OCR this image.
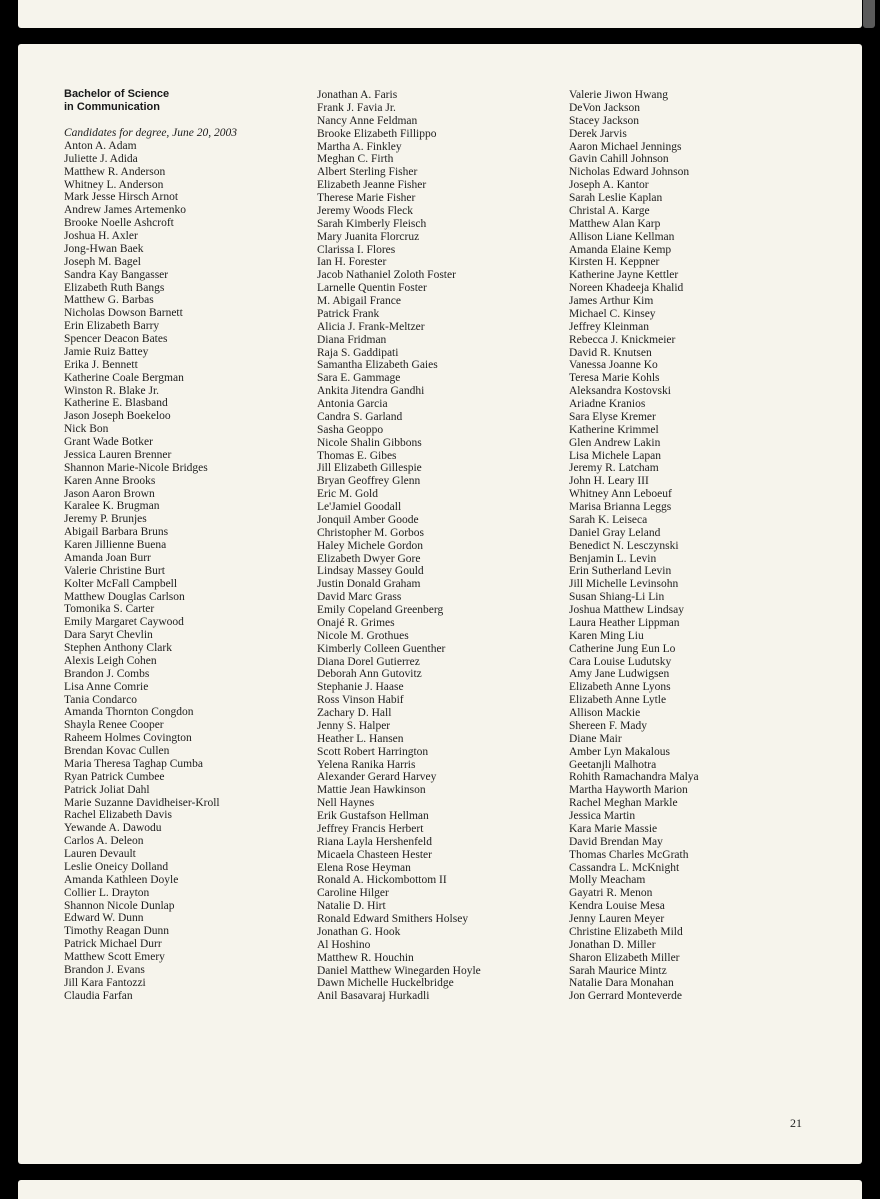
Bachelor of Science
in Communication
Candidates for degree, June 20, 2003
Anton A. Adam
Juliette J. Adida
Matthew R. Anderson
Whitney L. Anderson
Mark Jesse Hirsch Arnot
Andrew James Artemenko
Brooke Noelle Ashcroft
Joshua H. Axler
Jong-Hwan Baek
Joseph M. Bagel
Sandra Kay Bangasser
Elizabeth Ruth Bangs
Matthew G. Barbas
Nicholas Dowson Barnett
Erin Elizabeth Barry
Spencer Deacon Bates
Jamie Ruiz Battey
Erika J. Bennett
Katherine Coale Bergman
Winston R. Blake Jr.
Katherine E. Blasband
Jason Joseph Boekeloo
Nick Bon
Grant Wade Botker
Jessica Lauren Brenner
Shannon Marie-Nicole Bridges
Karen Anne Brooks
Jason Aaron Brown
Karalee K. Brugman
Jeremy P. Brunjes
Abigail Barbara Bruns
Karen Jillienne Buena
Amanda Joan Burr
Valerie Christine Burt
Kolter McFall Campbell
Matthew Douglas Carlson
Tomonika S. Carter
Emily Margaret Caywood
Dara Saryt Chevlin
Stephen Anthony Clark
Alexis Leigh Cohen
Brandon J. Combs
Lisa Anne Comrie
Tania Condarco
Amanda Thornton Congdon
Shayla Renee Cooper
Raheem Holmes Covington
Brendan Kovac Cullen
Maria Theresa Taghap Cumba
Ryan Patrick Cumbee
Patrick Joliat Dahl
Marie Suzanne Davidheiser-Kroll
Rachel Elizabeth Davis
Yewande A. Dawodu
Carlos A. Deleon
Lauren Devault
Leslie Oneicy Dolland
Amanda Kathleen Doyle
Collier L. Drayton
Shannon Nicole Dunlap
Edward W. Dunn
Timothy Reagan Dunn
Patrick Michael Durr
Matthew Scott Emery
Brandon J. Evans
Jill Kara Fantozzi
Claudia Farfan
Jonathan A. Faris
Frank J. Favia Jr.
Nancy Anne Feldman
Brooke Elizabeth Fillippo
Martha A. Finkley
Meghan C. Firth
Albert Sterling Fisher
Elizabeth Jeanne Fisher
Therese Marie Fisher
Jeremy Woods Fleck
Sarah Kimberly Fleisch
Mary Juanita Florcruz
Clarissa I. Flores
Ian H. Forester
Jacob Nathaniel Zoloth Foster
Larnelle Quentin Foster
M. Abigail France
Patrick Frank
Alicia J. Frank-Meltzer
Diana Fridman
Raja S. Gaddipati
Samantha Elizabeth Gaies
Sara E. Gammage
Ankita Jitendra Gandhi
Antonia Garcia
Candra S. Garland
Sasha Geoppo
Nicole Shalin Gibbons
Thomas E. Gibes
Jill Elizabeth Gillespie
Bryan Geoffrey Glenn
Eric M. Gold
Le'Jamiel Goodall
Jonquil Amber Goode
Christopher M. Gorbos
Haley Michele Gordon
Elizabeth Dwyer Gore
Lindsay Massey Gould
Justin Donald Graham
David Marc Grass
Emily Copeland Greenberg
Onajé R. Grimes
Nicole M. Grothues
Kimberly Colleen Guenther
Diana Dorel Gutierrez
Deborah Ann Gutovitz
Stephanie J. Haase
Ross Vinson Habif
Zachary D. Hall
Jenny S. Halper
Heather L. Hansen
Scott Robert Harrington
Yelena Ranika Harris
Alexander Gerard Harvey
Mattie Jean Hawkinson
Nell Haynes
Erik Gustafson Hellman
Jeffrey Francis Herbert
Riana Layla Hershenfeld
Micaela Chasteen Hester
Elena Rose Heyman
Ronald A. Hickombottom II
Caroline Hilger
Natalie D. Hirt
Ronald Edward Smithers Holsey
Jonathan G. Hook
Al Hoshino
Matthew R. Houchin
Daniel Matthew Winegarden Hoyle
Dawn Michelle Huckelbridge
Anil Basavaraj Hurkadli
Valerie Jiwon Hwang
DeVon Jackson
Stacey Jackson
Derek Jarvis
Aaron Michael Jennings
Gavin Cahill Johnson
Nicholas Edward Johnson
Joseph A. Kantor
Sarah Leslie Kaplan
Christal A. Karge
Matthew Alan Karp
Allison Liane Kellman
Amanda Elaine Kemp
Kirsten H. Keppner
Katherine Jayne Kettler
Noreen Khadeeja Khalid
James Arthur Kim
Michael C. Kinsey
Jeffrey Kleinman
Rebecca J. Knickmeier
David R. Knutsen
Vanessa Joanne Ko
Teresa Marie Kohls
Aleksandra Kostovski
Ariadne Kranios
Sara Elyse Kremer
Katherine Krimmel
Glen Andrew Lakin
Lisa Michele Lapan
Jeremy R. Latcham
John H. Leary III
Whitney Ann Leboeuf
Marisa Brianna Leggs
Sarah K. Leiseca
Daniel Gray Leland
Benedict N. Lesczynski
Benjamin L. Levin
Erin Sutherland Levin
Jill Michelle Levinsohn
Susan Shiang-Li Lin
Joshua Matthew Lindsay
Laura Heather Lippman
Karen Ming Liu
Catherine Jung Eun Lo
Cara Louise Ludutsky
Amy Jane Ludwigsen
Elizabeth Anne Lyons
Elizabeth Anne Lytle
Allison Mackie
Shereen F. Mady
Diane Mair
Amber Lyn Makalous
Geetanjli Malhotra
Rohith Ramachandra Malya
Martha Hayworth Marion
Rachel Meghan Markle
Jessica Martin
Kara Marie Massie
David Brendan May
Thomas Charles McGrath
Cassandra L. McKnight
Molly Meacham
Gayatri R. Menon
Kendra Louise Mesa
Jenny Lauren Meyer
Christine Elizabeth Mild
Jonathan D. Miller
Sharon Elizabeth Miller
Sarah Maurice Mintz
Natalie Dara Monahan
Jon Gerrard Monteverde
21
